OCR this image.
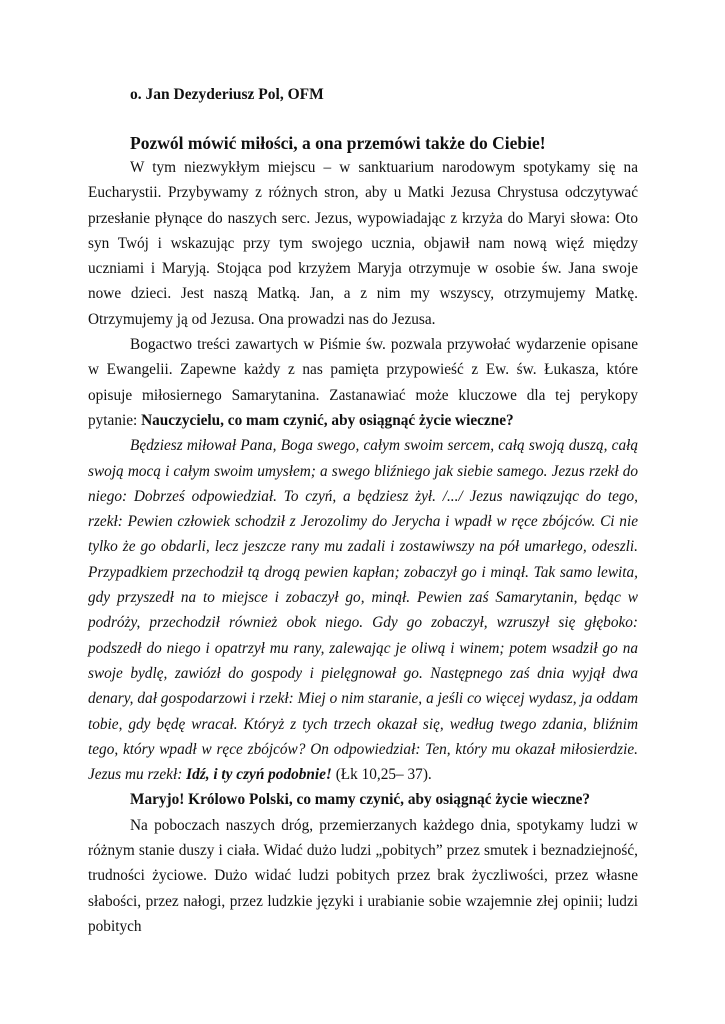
o. Jan Dezyderiusz Pol, OFM
Pozwól mówić miłości, a ona przemówi także do Ciebie!

W tym niezwykłym miejscu – w sanktuarium narodowym spotykamy się na Eucharystii. Przybywamy z różnych stron, aby u Matki Jezusa Chrystusa odczytywać przesłanie płynące do naszych serc. Jezus, wypowiadając z krzyża do Maryi słowa: Oto syn Twój i wskazując przy tym swojego ucznia, objawił nam nową więź między uczniami i Maryją. Stojąca pod krzyżem Maryja otrzymuje w osobie św. Jana swoje nowe dzieci. Jest naszą Matką. Jan, a z nim my wszyscy, otrzymujemy Matkę. Otrzymujemy ją od Jezusa. Ona prowadzi nas do Jezusa.

Bogactwo treści zawartych w Piśmie św. pozwala przywołać wydarzenie opisane w Ewangelii. Zapewne każdy z nas pamięta przypowieść z Ew. św. Łukasza, które opisuje miłosiernego Samarytanina. Zastanawiać może kluczowe dla tej perykopy pytanie: Nauczycielu, co mam czynić, aby osiągnąć życie wieczne?

Będziesz miłował Pana, Boga swego, całym swoim sercem, całą swoją duszą, całą swoją mocą i całym swoim umysłem; a swego bliźniego jak siebie samego. Jezus rzekł do niego: Dobrześ odpowiedział. To czyń, a będziesz żył. /.../ Jezus nawiązując do tego, rzekł: Pewien człowiek schodził z Jerozolimy do Jerycha i wpadł w ręce zbójców. Ci nie tylko że go obdarli, lecz jeszcze rany mu zadali i zostawiwszy na pół umarłego, odeszli. Przypadkiem przechodził tą drogą pewien kapłan; zobaczył go i minął. Tak samo lewita, gdy przyszedł na to miejsce i zobaczył go, minął. Pewien zaś Samarytanin, będąc w podróży, przechodził również obok niego. Gdy go zobaczył, wzruszył się głęboko: podszedł do niego i opatrzył mu rany, zalewając je oliwą i winem; potem wsadził go na swoje bydlę, zawiózł do gospody i pielęgnował go. Następnego zaś dnia wyjął dwa denary, dał gospodarzowi i rzekł: Miej o nim staranie, a jeśli co więcej wydasz, ja oddam tobie, gdy będę wracał. Któryż z tych trzech okazał się, według twego zdania, bliźnim tego, który wpadł w ręce zbójców? On odpowiedział: Ten, który mu okazał miłosierdzie. Jezus mu rzekł: Idź, i ty czyń podobnie! (Łk 10,25– 37).

Maryjo! Królowo Polski, co mamy czynić, aby osiągnąć życie wieczne?

Na poboczach naszych dróg, przemierzanych każdego dnia, spotykamy ludzi w różnym stanie duszy i ciała. Widać dużo ludzi „pobitych” przez smutek i beznadziejność, trudności życiowe. Dużo widać ludzi pobitych przez brak życzliwości, przez własne słabości, przez nałogi, przez ludzkie języki i urabianie sobie wzajemnie złej opinii; ludzi pobitych
